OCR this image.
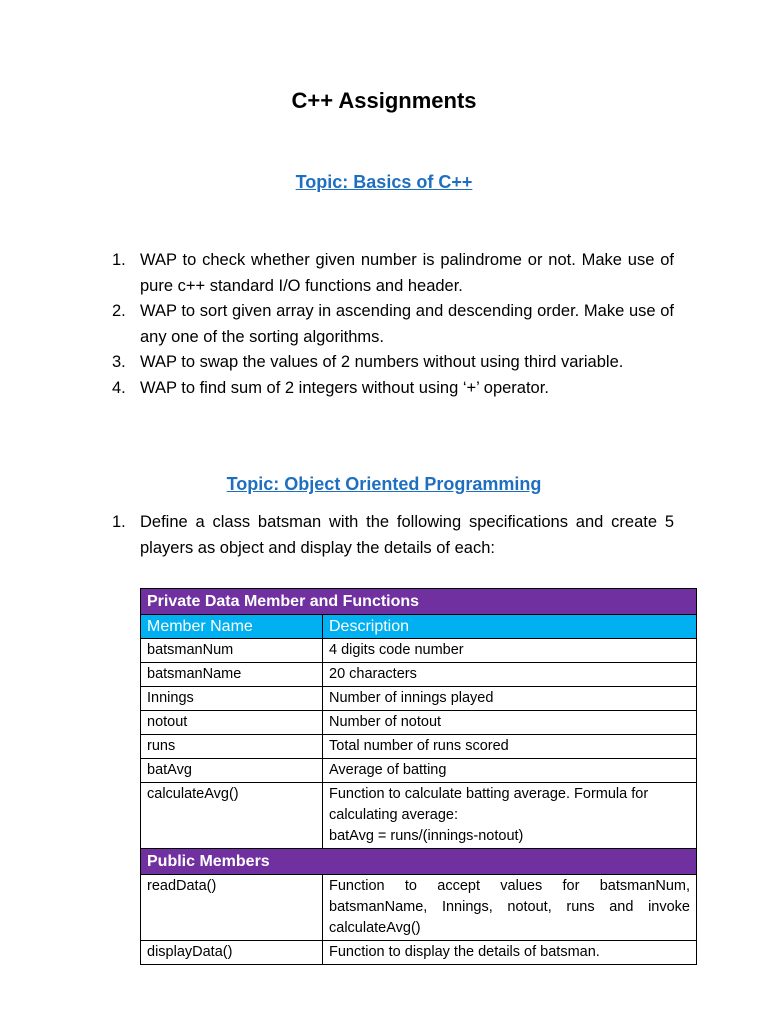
C++ Assignments
Topic: Basics of C++
1. WAP to check whether given number is palindrome or not. Make use of pure c++ standard I/O functions and header.
2. WAP to sort given array in ascending and descending order. Make use of any one of the sorting algorithms.
3. WAP to swap the values of 2 numbers without using third variable.
4. WAP to find sum of 2 integers without using ‘+’ operator.
Topic: Object Oriented Programming
1. Define a class batsman with the following specifications and create 5 players as object and display the details of each:
Private Data Member and Functions	
Member Name	Description
batsmanNum	4 digits code number
batsmanName	20 characters
Innings	Number of innings played
notout	Number of notout
runs	Total number of runs scored
batAvg	Average of batting
calculateAvg()	Function to calculate batting average. Formula for calculating average:
batAvg = runs/(innings-notout)
Public Members	
readData()	Function to accept values for batsmanNum, batsmanName, Innings, notout, runs and invoke calculateAvg()
displayData()	Function to display the details of batsman.
